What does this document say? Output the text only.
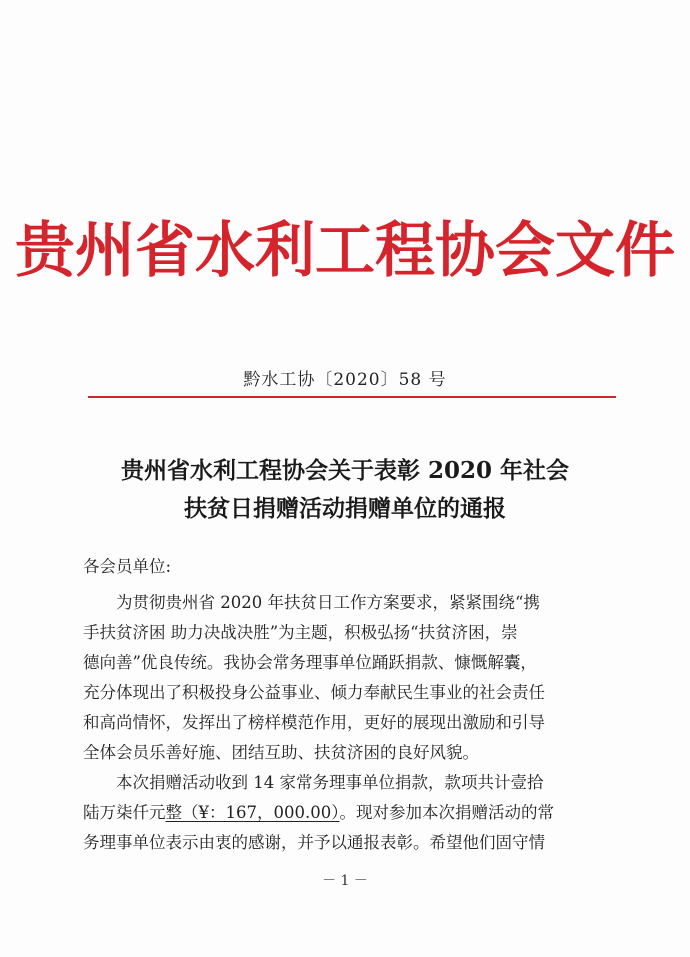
贵州省水利工程协会文件
黔水工协〔2020〕58 号
贵州省水利工程协会关于表彰 2020 年社会
扶贫日捐赠活动捐赠单位的通报
各会员单位:
为贯彻贵州省 2020 年扶贫日工作方案要求，紧紧围绕“携
手扶贫济困 助力决战决胜”为主题，积极弘扬“扶贫济困，崇
德向善”优良传统。我协会常务理事单位踊跃捐款、慷慨解囊，
充分体现出了积极投身公益事业、倾力奉献民生事业的社会责任
和高尚情怀，发挥出了榜样模范作用，更好的展现出激励和引导
全体会员乐善好施、团结互助、扶贫济困的良好风貌。
本次捐赠活动收到 14 家常务理事单位捐款，款项共计壹拾
陆万柒仟元整（¥：167，000.00）。现对参加本次捐赠活动的常
务理事单位表示由衷的感谢，并予以通报表彰。希望他们固守情
－ 1 －
